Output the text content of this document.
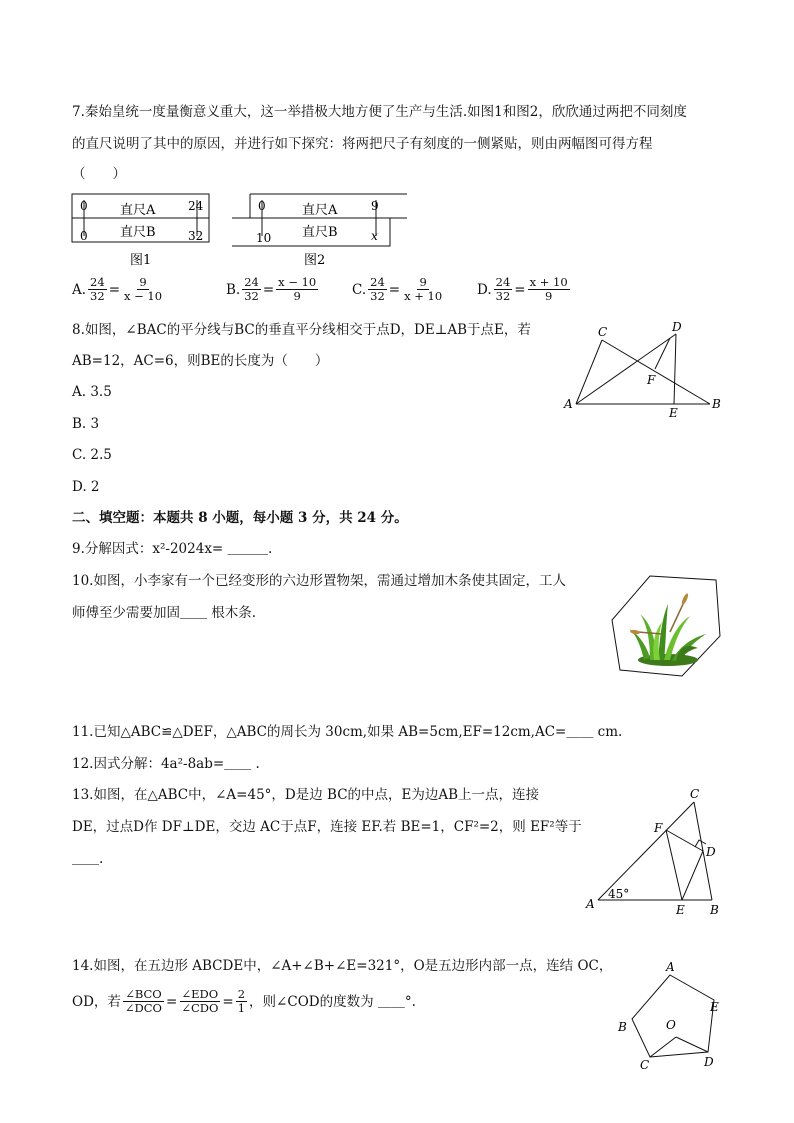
7.秦始皇统一度量衡意义重大，这一举措极大地方便了生产与生活.如图1和图2，欣欣通过两把不同刻度
的直尺说明了其中的原因，并进行如下探究：将两把尺子有刻度的一侧紧贴，则由两幅图可得方程
（　　）
0 直尺A	24
0 直尺B	32
图1
0	直尺A	9
10 直尺B	x
图2
A. $\frac{24}{32} = \frac{9}{x - 10}$	B. $\frac{24}{32} = \frac{x - 10}{9}$	C. $\frac{24}{32} = \frac{9}{x + 10} D$. $\frac{24}{32} = \frac{x + 10}{9}$
8.如图，∠BAC的平分线与BC的垂直平分线相交于点D，DE⊥AB于点E，若
AB=12，AC=6，则BE的长度为（　　）
A. 3.5
B. 3
C. 2.5
D. 2
A	B
C	D
E
F
二、填空题：本题共 8 小题，每小题 3 分，共 24 分。
9.分解因式：x²-2024x= ＿＿＿.
10.如图，小李家有一个已经变形的六边形置物架，需通过增加木条使其固定，工人
师傅至少需要加固＿＿ 根木条.
11.已知△ABC≌△DEF，△ABC的周长为 30cm,如果 AB=5cm,EF=12cm,AC=＿＿ cm.
12.因式分解：4a²-8ab=＿＿ .
13.如图，在△ABC中，∠A=45°，D是边 BC的中点，E为边AB上一点，连接
DE，过点D作 DF⊥DE，交边 AC于点F，连接 EF.若 BE=1，CF²=2，则 EF²等于
＿＿.
A	B
C
D
E
F
45°
14.如图，在五边形 ABCDE中，∠A+∠B+∠E=321°，O是五边形内部一点，连结 OC，
OD，若 $\frac{\text{∠BCO}}{\text{∠DCO}} = \frac{\text{∠EDO}}{\text{∠CDO}} = \frac{2}{1}$ ，则∠COD的度数为 ＿＿°.
A
B
C	D
E
O
